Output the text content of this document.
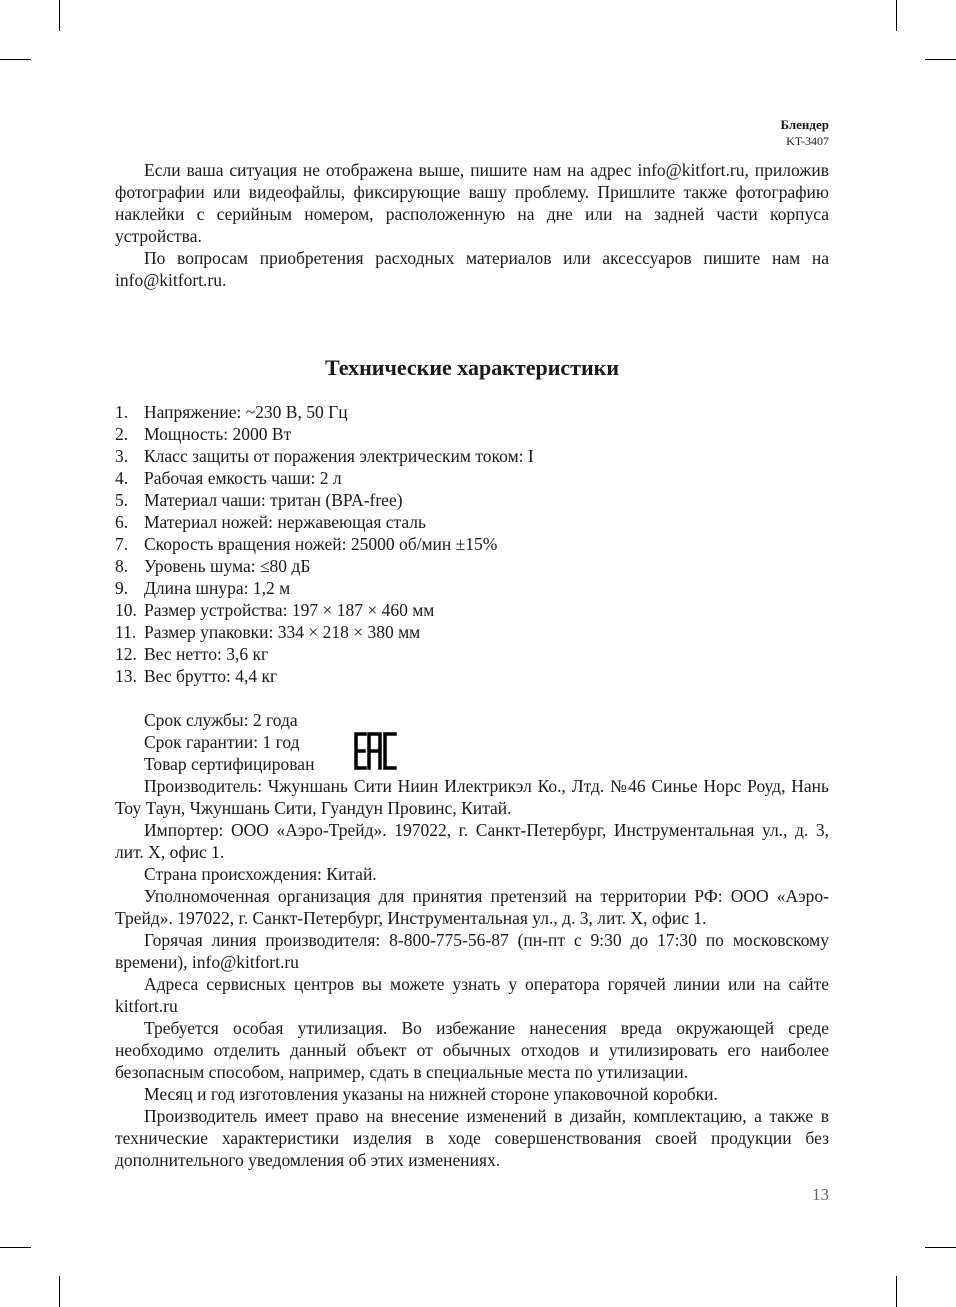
Блендер
KT-3407

Если ваша ситуация не отображена выше, пишите нам на адрес info@kitfort.ru, приложив фотографии или видеофайлы, фиксирующие вашу проблему. Пришлите также фотографию наклейки с серийным номером, расположенную на дне или на задней части корпуса устройства.

По вопросам приобретения расходных материалов или аксессуаров пишите нам на info@kitfort.ru.

Технические характеристики
1. Напряжение: ~230 В, 50 Гц
2. Мощность: 2000 Вт
3. Класс защиты от поражения электрическим током: I
4. Рабочая емкость чаши: 2 л
5. Материал чаши: тритан (BPA-free)
6. Материал ножей: нержавеющая сталь
7. Скорость вращения ножей: 25000 об/мин ±15%
8. Уровень шума: ≤80 дБ
9. Длина шнура: 1,2 м
10. Размер устройства: 197 × 187 × 460 мм
11. Размер упаковки: 334 × 218 × 380 мм
12. Вес нетто: 3,6 кг
13. Вес брутто: 4,4 кг
Срок службы: 2 года
Срок гарантии: 1 год
Товар сертифицирован

Производитель: Чжуншань Сити Ниин Илектрикэл Ко., Лтд. №46 Синье Норс Роуд, Нань Тоу Таун, Чжуншань Сити, Гуандун Провинс, Китай.

Импортер: ООО «Аэро-Трейд». 197022, г. Санкт-Петербург, Инструментальная ул., д. 3, лит. Х, офис 1.

Страна происхождения: Китай.

Уполномоченная организация для принятия претензий на территории РФ: ООО «Аэро-Трейд». 197022, г. Санкт-Петербург, Инструментальная ул., д. 3, лит. Х, офис 1.

Горячая линия производителя: 8-800-775-56-87 (пн-пт с 9:30 до 17:30 по московскому времени), info@kitfort.ru

Адреса сервисных центров вы можете узнать у оператора горячей линии или на сайте kitfort.ru

Требуется особая утилизация. Во избежание нанесения вреда окружающей среде необходимо отделить данный объект от обычных отходов и утилизировать его наиболее безопасным способом, например, сдать в специальные места по утилизации.

Месяц и год изготовления указаны на нижней стороне упаковочной коробки.

Производитель имеет право на внесение изменений в дизайн, комплектацию, а также в технические характеристики изделия в ходе совершенствования своей продукции без дополнительного уведомления об этих изменениях.

13
